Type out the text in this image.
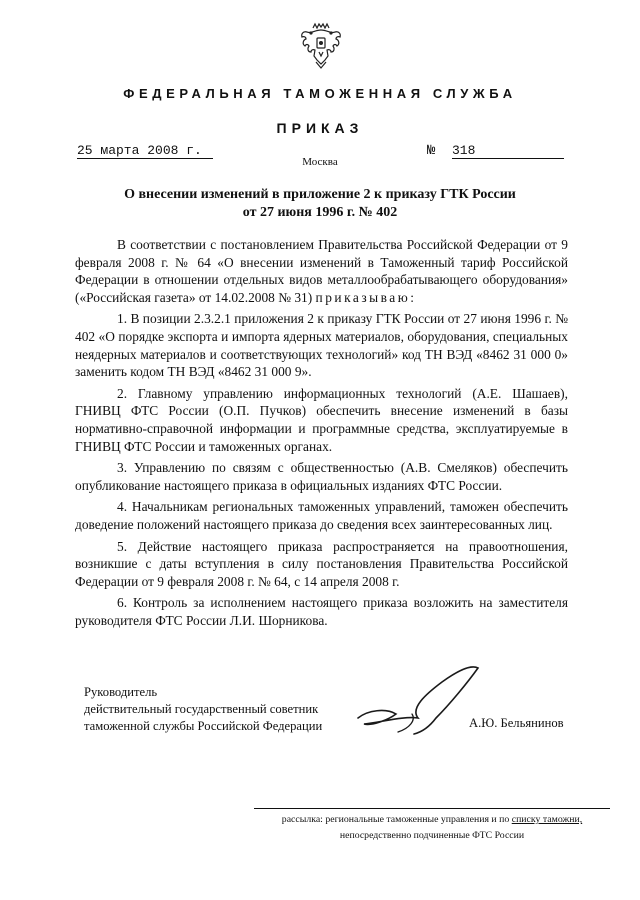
ФЕДЕРАЛЬНАЯ ТАМОЖЕННАЯ СЛУЖБА
ПРИКАЗ
25 марта 2008 г.	№ 318
Москва
О внесении изменений в приложение 2 к приказу ГТК России
от 27 июня 1996 г. № 402

В соответствии с постановлением Правительства Российской Федерации от 9 февраля 2008 г. № 64 «О внесении изменений в Таможенный тариф Российской Федерации в отношении отдельных видов металлообрабатывающего оборудования» («Российская газета» от 14.02.2008 № 31) приказываю:

1. В позиции 2.3.2.1 приложения 2 к приказу ГТК России от 27 июня 1996 г. № 402 «О порядке экспорта и импорта ядерных материалов, оборудования, специальных неядерных материалов и соответствующих технологий» код ТН ВЭД «8462 31 000 0» заменить кодом ТН ВЭД «8462 31 000 9».

2. Главному управлению информационных технологий (А.Е. Шашаев), ГНИВЦ ФТС России (О.П. Пучков) обеспечить внесение изменений в базы нормативно-справочной информации и программные средства, эксплуатируемые в ГНИВЦ ФТС России и таможенных органах.

3. Управлению по связям с общественностью (А.В. Смеляков) обеспечить опубликование настоящего приказа в официальных изданиях ФТС России.

4. Начальникам региональных таможенных управлений, таможен обеспечить доведение положений настоящего приказа до сведения всех заинтересованных лиц.

5. Действие настоящего приказа распространяется на правоотношения, возникшие с даты вступления в силу постановления Правительства Российской Федерации от 9 февраля 2008 г. № 64, с 14 апреля 2008 г.

6. Контроль за исполнением настоящего приказа возложить на заместителя руководителя ФТС России Л.И. Шорникова.

Руководитель
действительный государственный советник
таможенной службы Российской Федерации	А.Ю. Бельянинов
рассылка: региональные таможенные управления и по списку таможни,
непосредственно подчиненные ФТС России
